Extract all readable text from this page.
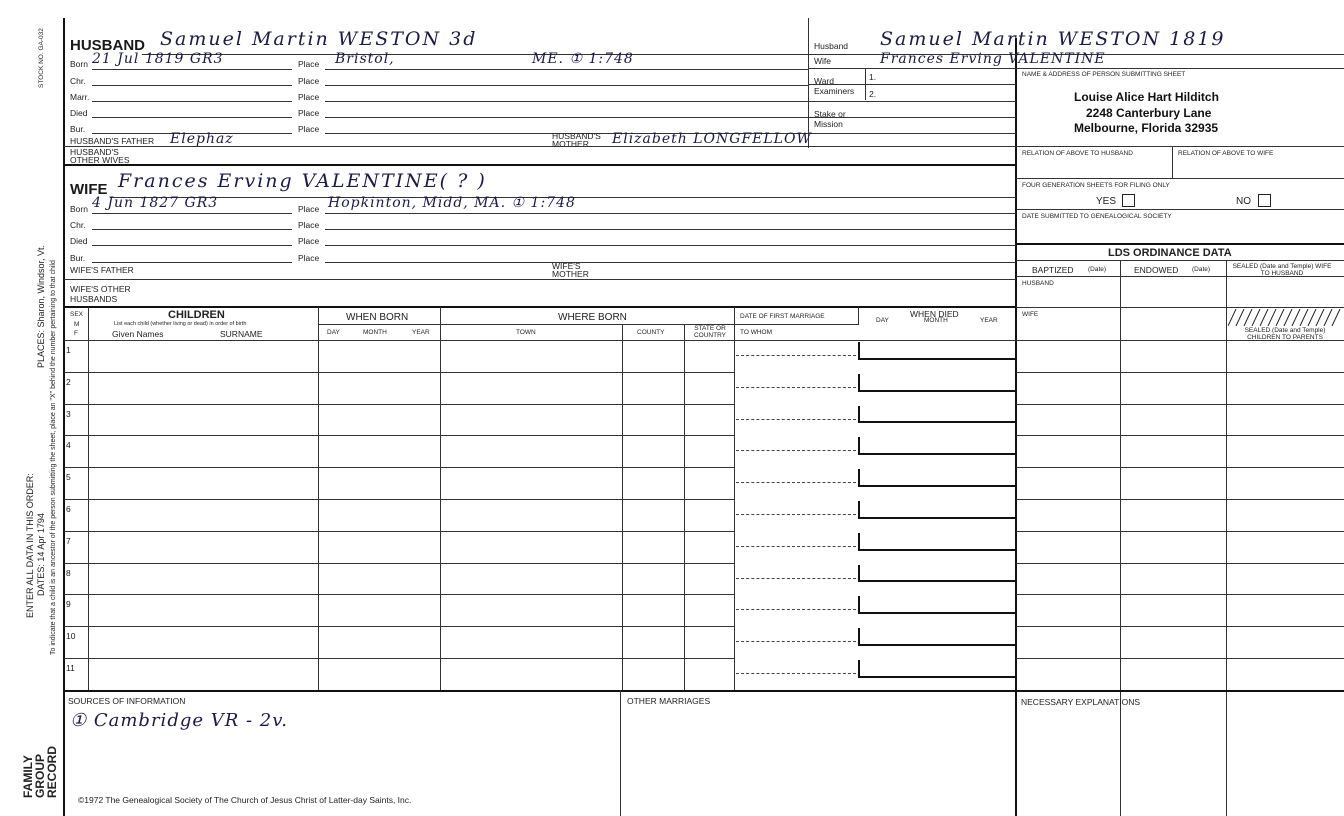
STOCK NO. GA-032
PLACES: Sharon, Windsor, Vt.
ENTER ALL DATA IN THIS ORDER: DATES: 14 Apr 1794 To indicate that a child is an ancestor of the person submitting the sheet, place an "X" behind the number pertaining to that child
FAMILY GROUP RECORD
HUSBAND Samuel Martin WESTON 3d
Born 21 Jul 1819 GR3	Place Bristol,	ME. ① 1:748
Chr.	Place
Marr.	Place
Died	Place
Bur.	Place
HUSBAND'S FATHER Elephaz	HUSBAND'S MOTHER	Elizabeth LONGFELLOW
HUSBAND'S OTHER WIVES
WIFE Frances Erving VALENTINE( ? )
Born 4 Jun 1827 GR3	Place Hopkinton, Midd, MA. ① 1:748
Chr.	Place
Died	Place
Bur.	Place
WIFE'S FATHER	WIFE'S MOTHER
WIFE'S OTHER HUSBANDS
Husband Samuel Martin WESTON 1819
Wife	Frances Erving VALENTINE
Ward	1.
Examiners 2.
Stake or Mission
NAME & ADDRESS OF PERSON SUBMITTING SHEET
Louise Alice Hart Hilditch
2248 Canterbury Lane
Melbourne, Florida 32935
RELATION OF ABOVE TO HUSBAND	RELATION OF ABOVE TO WIFE
FOUR GENERATION SHEETS FOR FILING ONLY
YES	NO
DATE SUBMITTED TO GENEALOGICAL SOCIETY
LDS ORDINANCE DATA
BAPTIZED (Date)	ENDOWED (Date)	SEALED (Date and Temple) WIFE TO HUSBAND
HUSBAND
WIFE
SEALED (Date and Temple) CHILDREN TO PARENTS
SEX
M
F
CHILDREN
List each child (whether living or dead) in order of birth
Given Names	SURNAME
WHEN BORN
DAY	MONTH	YEAR
WHERE BORN
TOWN	COUNTY
STATE OR COUNTRY
DATE OF FIRST MARRIAGE
TO WHOM
WHEN DIED
DAY	MONTH	YEAR
1
2
3
4
5
6
7
8
9
10
11
SOURCES OF INFORMATION
① Cambridge VR - 2v.
OTHER MARRIAGES	NECESSARY EXPLANATIONS
©1972 The Genealogical Society of The Church of Jesus Christ of Latter-day Saints, Inc.
